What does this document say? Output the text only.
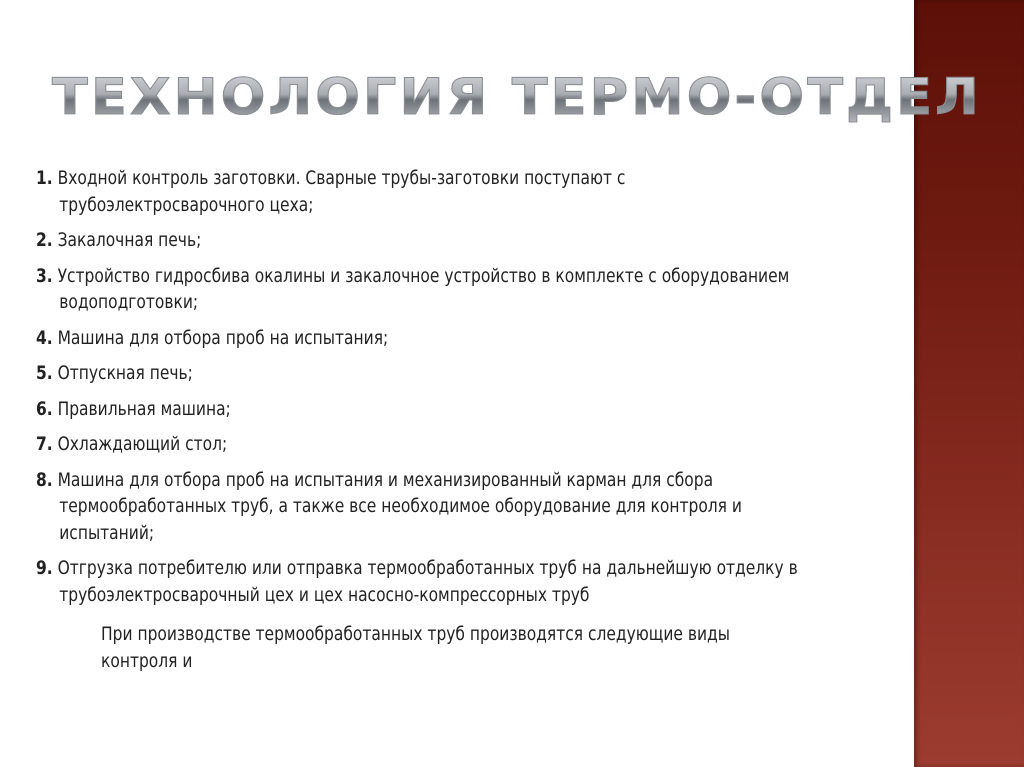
ТЕХНОЛОГИЯ ТЕРМО-ОТДЕЛ
1. Входной контроль заготовки. Сварные трубы-заготовки поступают с трубоэлектросварочного цеха;
2. Закалочная печь;
3. Устройство гидросбива окалины и закалочное устройство в комплекте с оборудованием водоподготовки;
4. Машина для отбора проб на испытания;
5. Отпускная печь;
6. Правильная машина;
7. Охлаждающий стол;
8. Машина для отбора проб на испытания и механизированный карман для сбора термообработанных труб, а также все необходимое оборудование для контроля и испытаний;
9. Отгрузка потребителю или отправка термообработанных труб на дальнейшую отделку в трубоэлектросварочный цех и цех насосно-компрессорных труб
При производстве термообработанных труб производятся следующие виды контроля и
